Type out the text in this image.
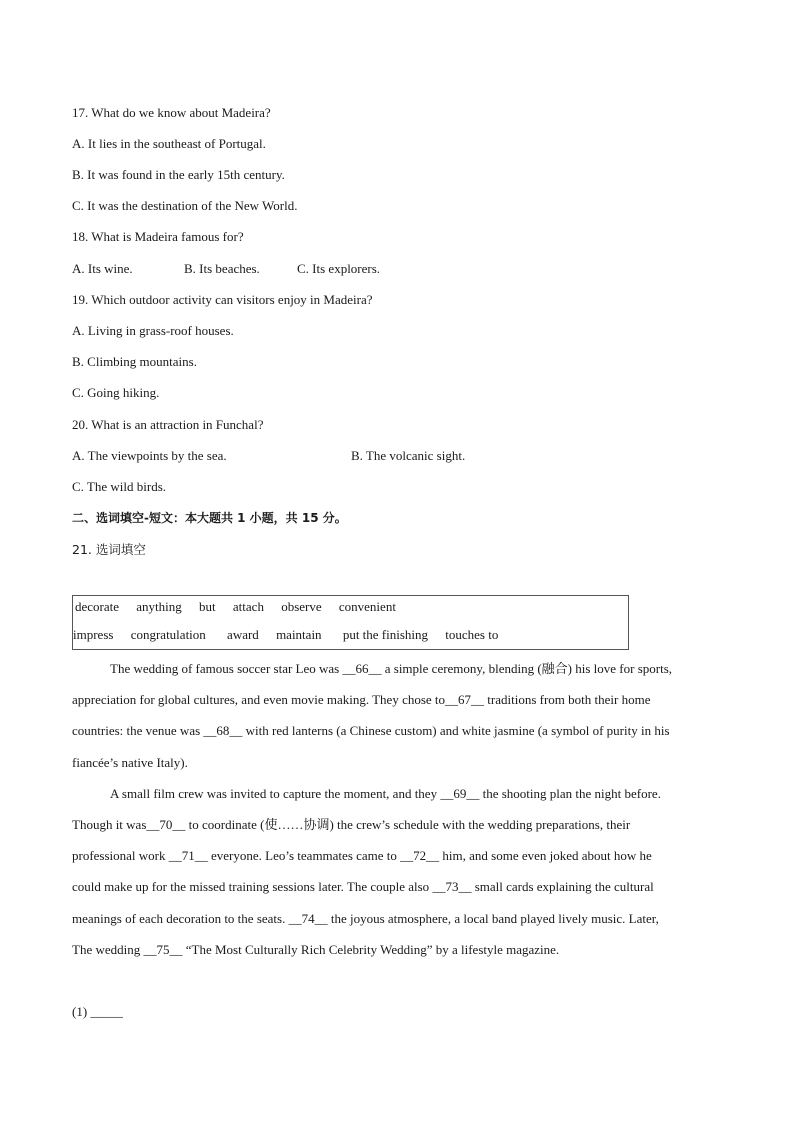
17. What do we know about Madeira?
A. It lies in the southeast of Portugal.
B. It was found in the early 15th century.
C. It was the destination of the New World.
18. What is Madeira famous for?
A. Its wine.	B. Its beaches.	C. Its explorers.
19. Which outdoor activity can visitors enjoy in Madeira?
A. Living in grass-roof houses.
B. Climbing mountains.
C. Going hiking.
20. What is an attraction in Funchal?
A. The viewpoints by the sea.	B. The volcanic sight.
C. The wild birds.
二、选词填空-短文：本大题共 1 小题，共 15 分。
21. 选词填空
decorate anything but attach observe convenient
impress congratulation award maintain put the finishing touches to
The wedding of famous soccer star Leo was __66__ a simple ceremony, blending (融合) his love for sports,
appreciation for global cultures, and even movie making. They chose to__67__ traditions from both their home
countries: the venue was __68__ with red lanterns (a Chinese custom) and white jasmine (a symbol of purity in his
fiancée’s native Italy).
A small film crew was invited to capture the moment, and they __69__ the shooting plan the night before.
Though it was__70__ to coordinate (使……协调) the crew’s schedule with the wedding preparations, their
professional work __71__ everyone. Leo’s teammates came to __72__ him, and some even joked about how he
could make up for the missed training sessions later. The couple also __73__ small cards explaining the cultural
meanings of each decoration to the seats. __74__ the joyous atmosphere, a local band played lively music. Later,
The wedding __75__ “The Most Culturally Rich Celebrity Wedding” by a lifestyle magazine.
(1) _____
